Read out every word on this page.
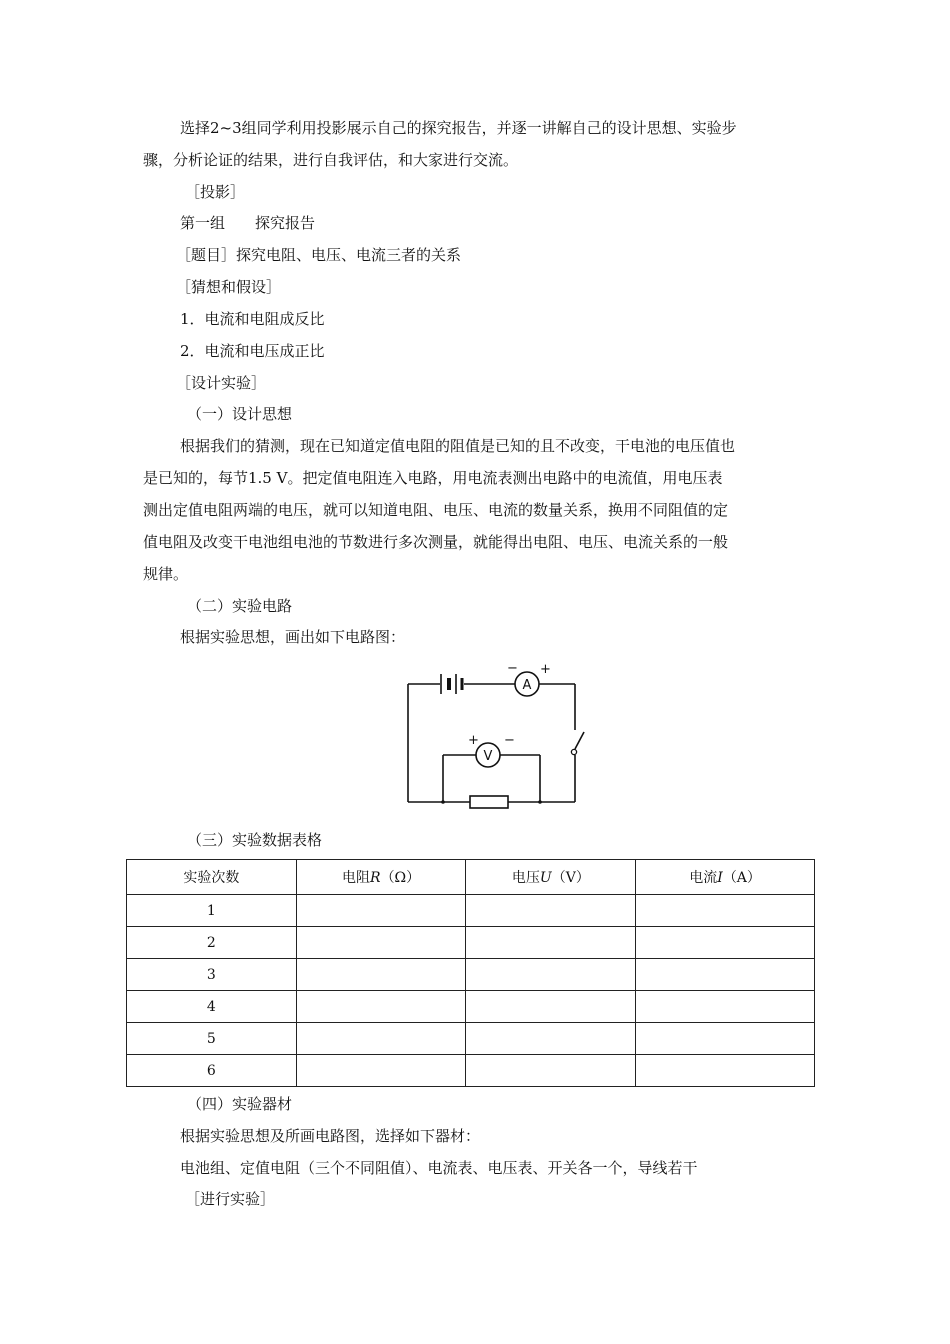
选择2~3组同学利用投影展示自己的探究报告，并逐一讲解自己的设计思想、实验步
骤，分析论证的结果，进行自我评估，和大家进行交流。
［投影］
第一组　　探究报告
［题目］探究电阻、电压、电流三者的关系
［猜想和假设］
1．电流和电阻成反比
2．电流和电压成正比
［设计实验］
（一）设计思想
根据我们的猜测，现在已知道定值电阻的阻值是已知的且不改变，干电池的电压值也
是已知的，每节1.5 V。把定值电阻连入电路，用电流表测出电路中的电流值，用电压表
测出定值电阻两端的电压，就可以知道电阻、电压、电流的数量关系，换用不同阻值的定
值电阻及改变干电池组电池的节数进行多次测量，就能得出电阻、电压、电流关系的一般
规律。
（二）实验电路
根据实验思想，画出如下电路图：
A
− +
V
+ −
（三）实验数据表格
实验次数	电阻R（Ω）	电压U（V）	电流I（A）
1			
2			
3			
4			
5			
6			
（四）实验器材
根据实验思想及所画电路图，选择如下器材：
电池组、定值电阻（三个不同阻值）、电流表、电压表、开关各一个，导线若干
［进行实验］
